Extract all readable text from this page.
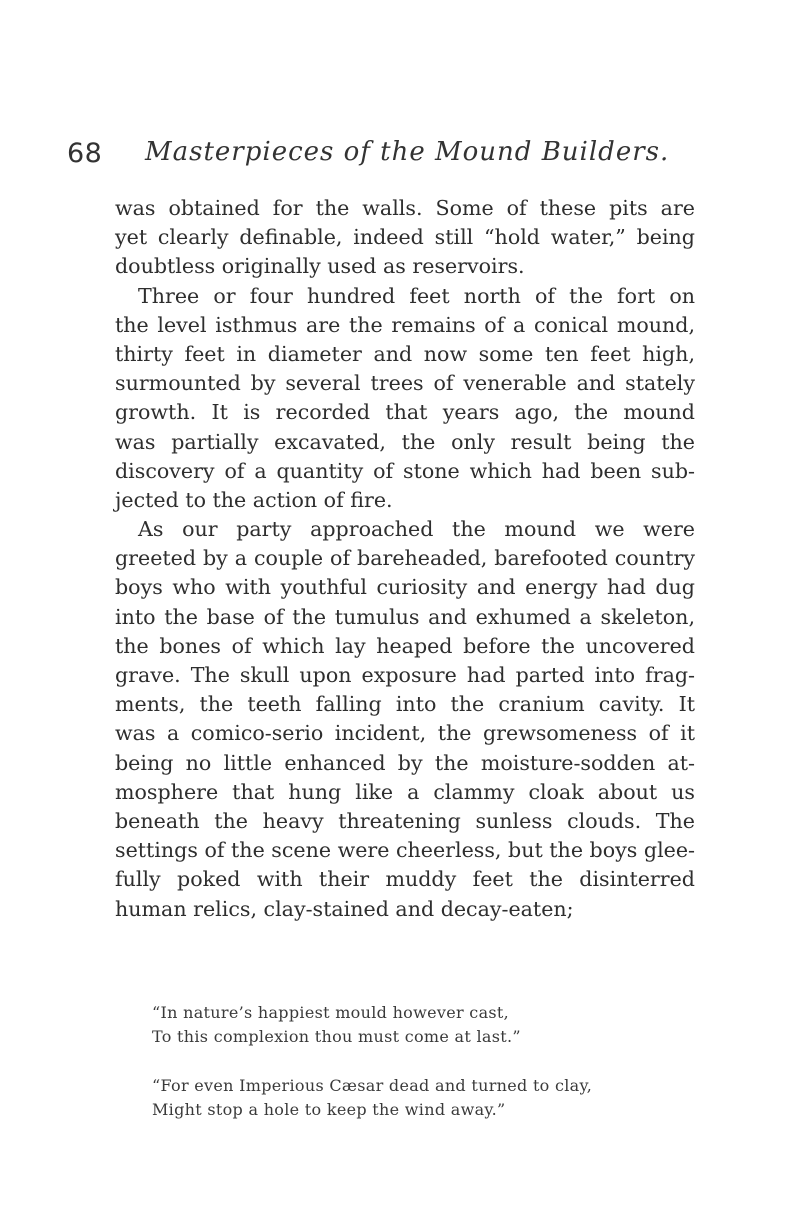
68 Masterpieces of the Mound Builders.
was obtained for the walls. Some of these pits are
yet clearly definable, indeed still “hold water,” being
doubtless originally used as reservoirs.
Three or four hundred feet north of the fort on
the level isthmus are the remains of a conical mound,
thirty feet in diameter and now some ten feet high,
surmounted by several trees of venerable and stately
growth. It is recorded that years ago, the mound
was partially excavated, the only result being the
discovery of a quantity of stone which had been sub-
jected to the action of fire.
As our party approached the mound we were
greeted by a couple of bareheaded, barefooted country
boys who with youthful curiosity and energy had dug
into the base of the tumulus and exhumed a skeleton,
the bones of which lay heaped before the uncovered
grave. The skull upon exposure had parted into frag-
ments, the teeth falling into the cranium cavity. It
was a comico-serio incident, the grewsomeness of it
being no little enhanced by the moisture-sodden at-
mosphere that hung like a clammy cloak about us
beneath the heavy threatening sunless clouds. The
settings of the scene were cheerless, but the boys glee-
fully poked with their muddy feet the disinterred
human relics, clay-stained and decay-eaten;
“In nature’s happiest mould however cast,
To this complexion thou must come at last.”
“For even Imperious Cæsar dead and turned to clay,
Might stop a hole to keep the wind away.”
